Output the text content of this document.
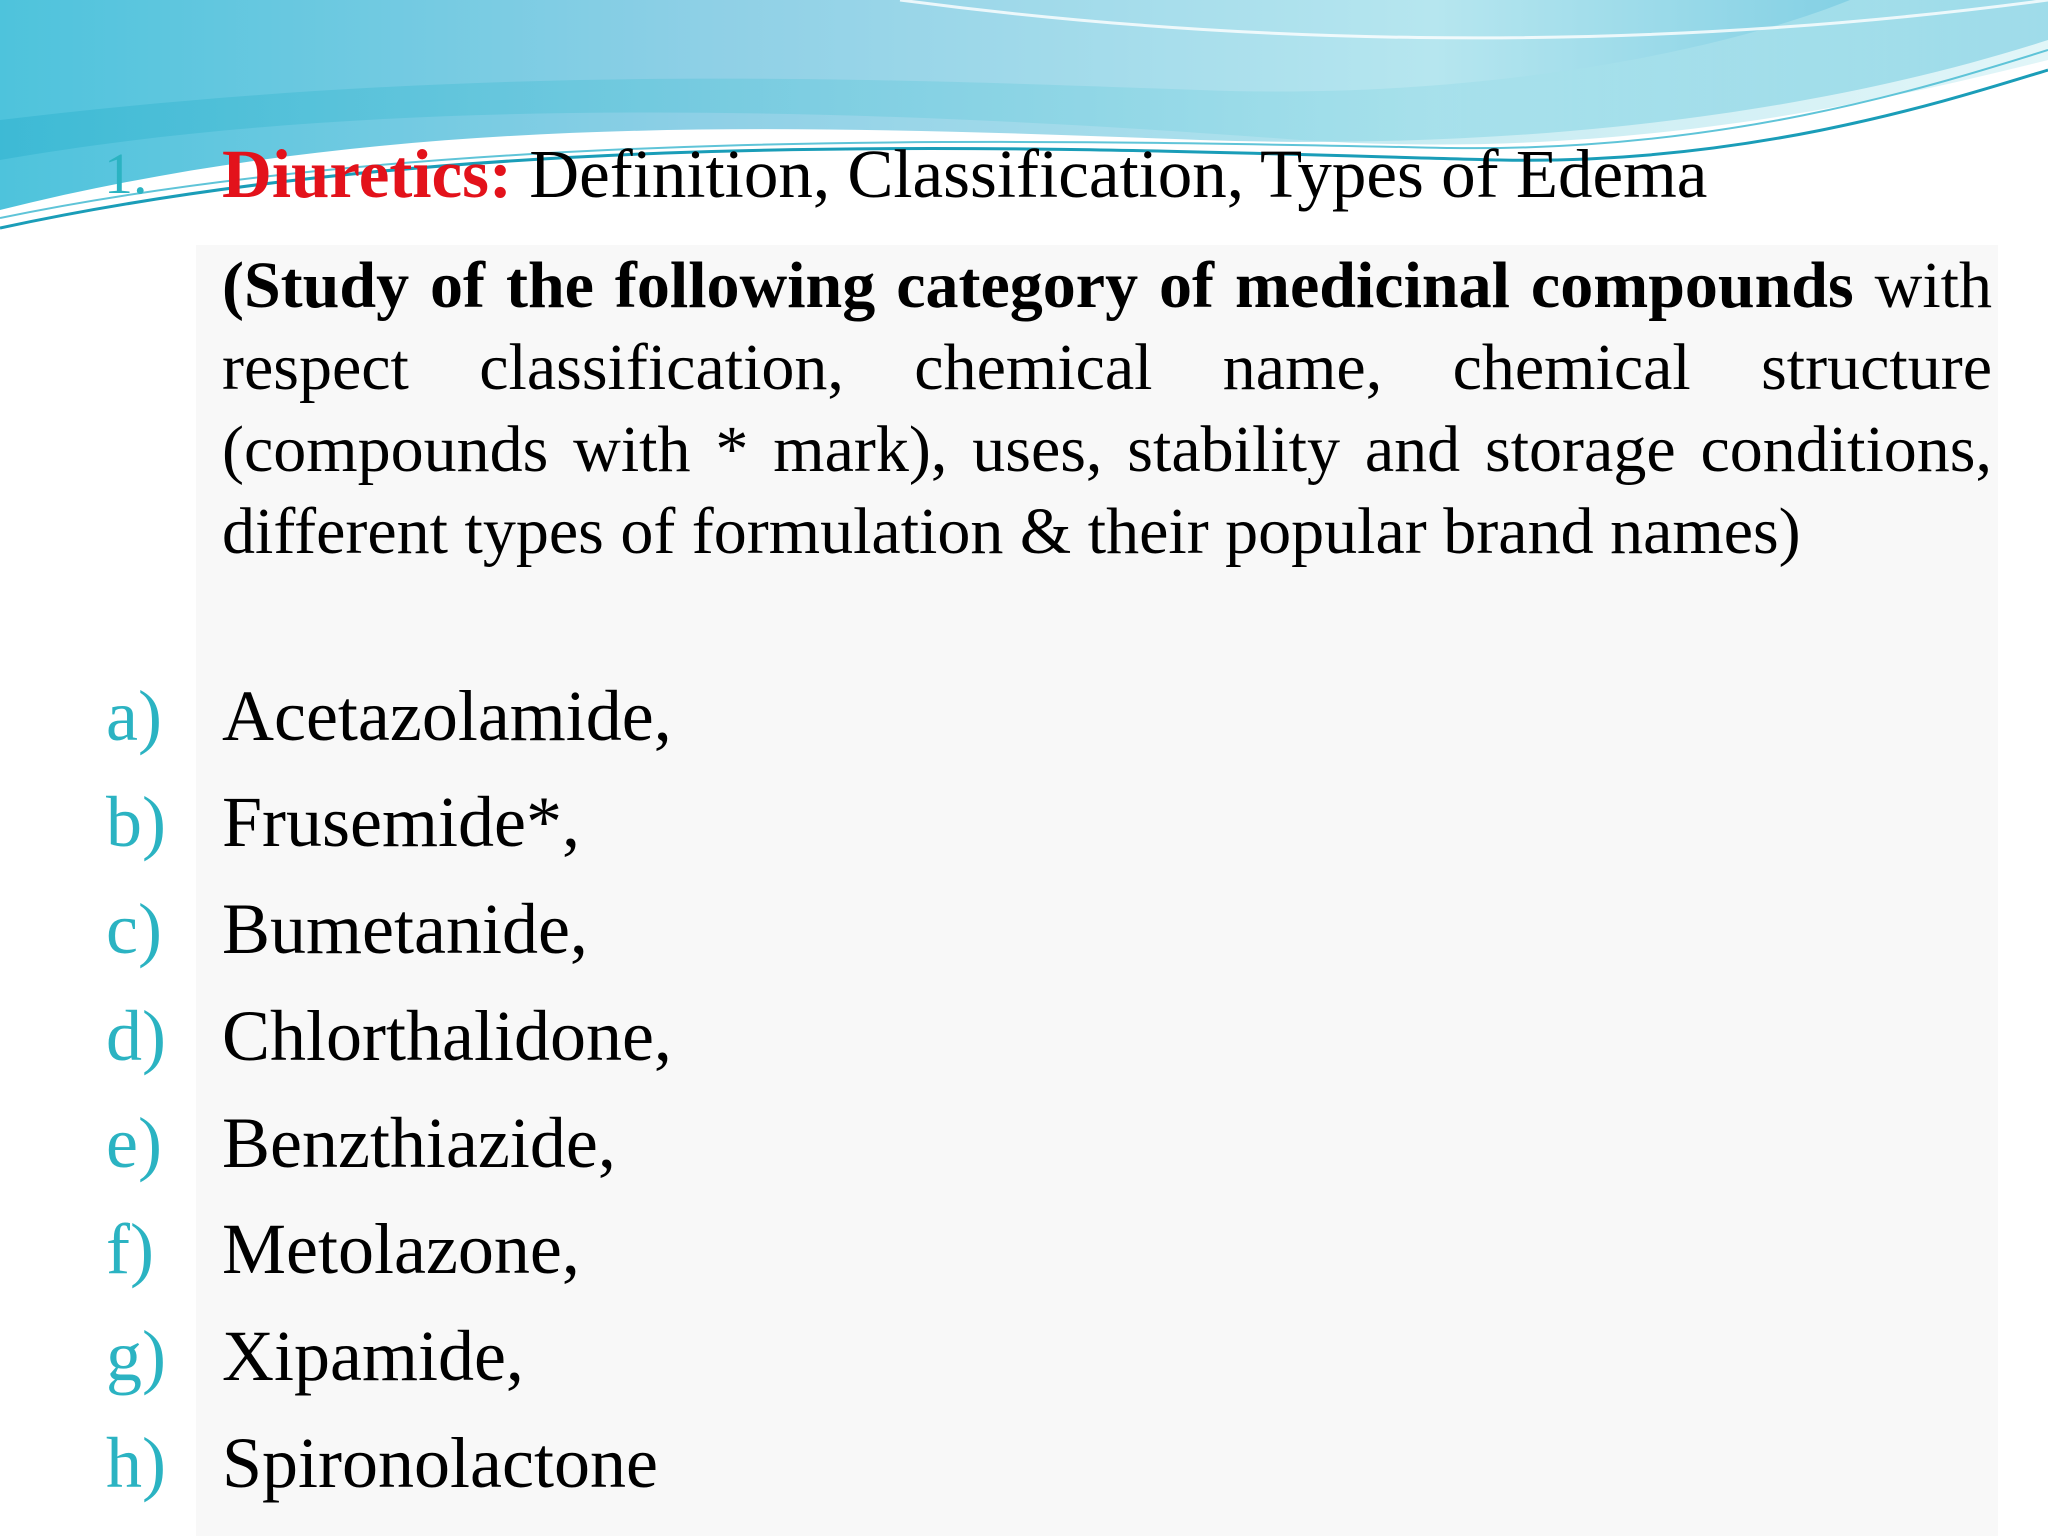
1. Diuretics: Definition, Classification, Types of Edema
(Study of the following category of medicinal compounds with respect classification, chemical name, chemical structure (compounds with * mark), uses, stability and storage conditions, different types of formulation & their popular brand names)
a) Acetazolamide,
b) Frusemide*,
c) Bumetanide,
d) Chlorthalidone,
e) Benzthiazide,
f) Metolazone,
g) Xipamide,
h) Spironolactone
